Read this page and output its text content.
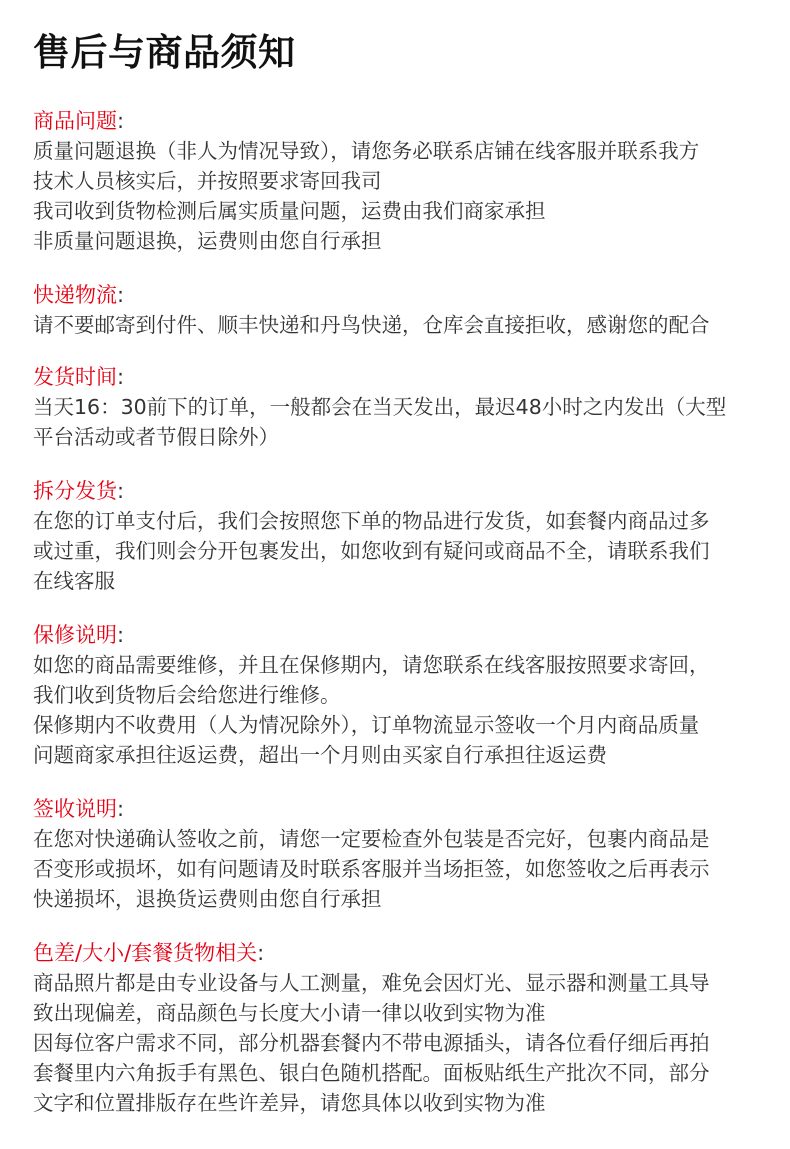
售后与商品须知
商品问题:
质量问题退换（非人为情况导致），请您务必联系店铺在线客服并联系我方
技术人员核实后，并按照要求寄回我司
我司收到货物检测后属实质量问题，运费由我们商家承担
非质量问题退换，运费则由您自行承担
快递物流:
请不要邮寄到付件、顺丰快递和丹鸟快递，仓库会直接拒收，感谢您的配合
发货时间:
当天16：30前下的订单，一般都会在当天发出，最迟48小时之内发出（大型
平台活动或者节假日除外）
拆分发货:
在您的订单支付后，我们会按照您下单的物品进行发货，如套餐内商品过多
或过重，我们则会分开包裹发出，如您收到有疑问或商品不全，请联系我们
在线客服
保修说明:
如您的商品需要维修，并且在保修期内，请您联系在线客服按照要求寄回，
我们收到货物后会给您进行维修。
保修期内不收费用（人为情况除外），订单物流显示签收一个月内商品质量
问题商家承担往返运费，超出一个月则由买家自行承担往返运费
签收说明:
在您对快递确认签收之前，请您一定要检查外包装是否完好，包裹内商品是
否变形或损坏，如有问题请及时联系客服并当场拒签，如您签收之后再表示
快递损坏，退换货运费则由您自行承担
色差/大小/套餐货物相关:
商品照片都是由专业设备与人工测量，难免会因灯光、显示器和测量工具导
致出现偏差，商品颜色与长度大小请一律以收到实物为准
因每位客户需求不同，部分机器套餐内不带电源插头，请各位看仔细后再拍
套餐里内六角扳手有黑色、银白色随机搭配。面板贴纸生产批次不同，部分
文字和位置排版存在些许差异，请您具体以收到实物为准
